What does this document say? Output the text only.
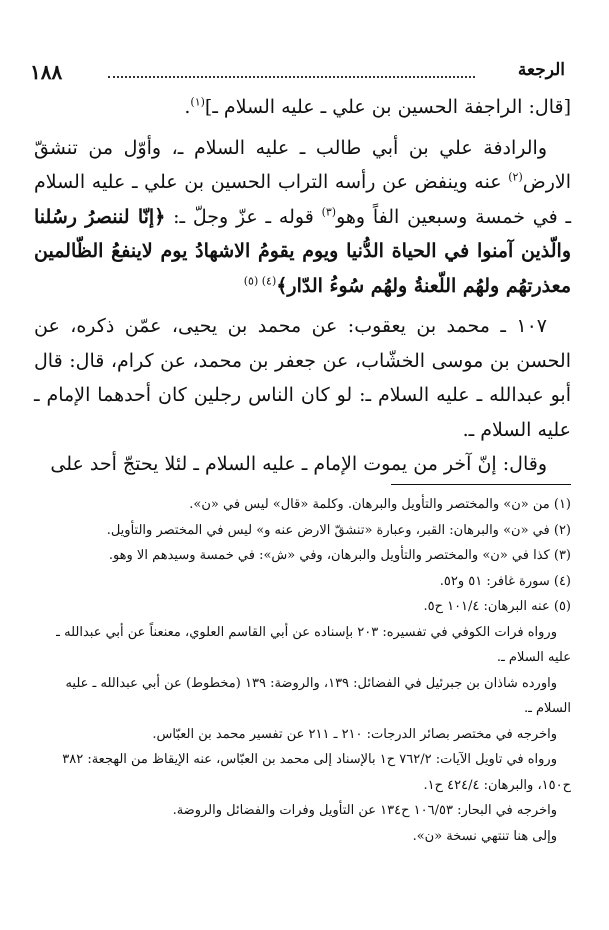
١٨٨	الرجعة

[قال: الراجفة الحسين بن علي ـ عليه السلام ـ]$^{(١)}$.

والرادفة علي بن أبي طالب ـ عليه السلام ـ، وأوّل من تنشقّ الارض$^{(٢)}$ عنه وينفض عن رأسه التراب الحسين بن علي ـ عليه السلام ـ في خمسة وسبعين الفاً وهو$^{(٣)}$ قوله ـ عزّ وجلّ ـ: ﴿إنّا لننصرُ رسُلنا والّذين آمنوا في الحياة الدُّنيا ويوم يقومُ الاشهادُ يوم لاينفعُ الظّالمين معذرتهُم ولهُم اللّعنةُ ولهُم سُوءُ الدّار﴾$^{(٤)}$ $^{(٥)}$

١٠٧ ـ محمد بن يعقوب: عن محمد بن يحيى، عمّن ذكره، عن الحسن بن موسى الخشّاب، عن جعفر بن محمد، عن كرام، قال: قال أبو عبدالله ـ عليه السلام ـ: لو كان الناس رجلين كان أحدهما الإمام ـ عليه السلام ـ.

وقال: إنّ آخر من يموت الإمام ـ عليه السلام ـ لئلا يحتجّ أحد على

(١) من «ن» والمختصر والتأويل والبرهان. وكلمة «قال» ليس في «ن».

(٢) في «ن» والبرهان: القبر، وعبارة «تنشقّ الارض عنه و» ليس في المختصر والتأويل.

(٣) كذا في «ن» والمختصر والتأويل والبرهان، وفي «ش»: في خمسة وسيدهم الا وهو.

(٤) سورة غافر: ٥١ و٥٢.

(٥) عنه البرهان: ١٠١/٤ ح٥.

ورواه فرات الكوفي في تفسيره: ٢٠٣ بإسناده عن أبي القاسم العلوي، معنعناً عن أبي عبدالله ـ عليه السلام ـ.

واورده شاذان بن جبرئيل في الفضائل: ١٣٩، والروضة: ١٣٩ (مخطوط) عن أبي عبدالله ـ عليه السلام ـ.

واخرجه في مختصر بصائر الدرجات: ٢١٠ ـ ٢١١ عن تفسير محمد بن العبّاس.

ورواه في تاويل الآيات: ٧٦٢/٢ ح١ بالإسناد إلى محمد بن العبّاس، عنه الإيقاظ من الهجعة: ٣٨٢ ح١٥٠، والبرهان: ٤٢٤/٤ ح١.

واخرجه في البحار: ١٠٦/٥٣ ح١٣٤ عن التأويل وفرات والفضائل والروضة.

وإلى هنا تنتهي نسخة «ن».
